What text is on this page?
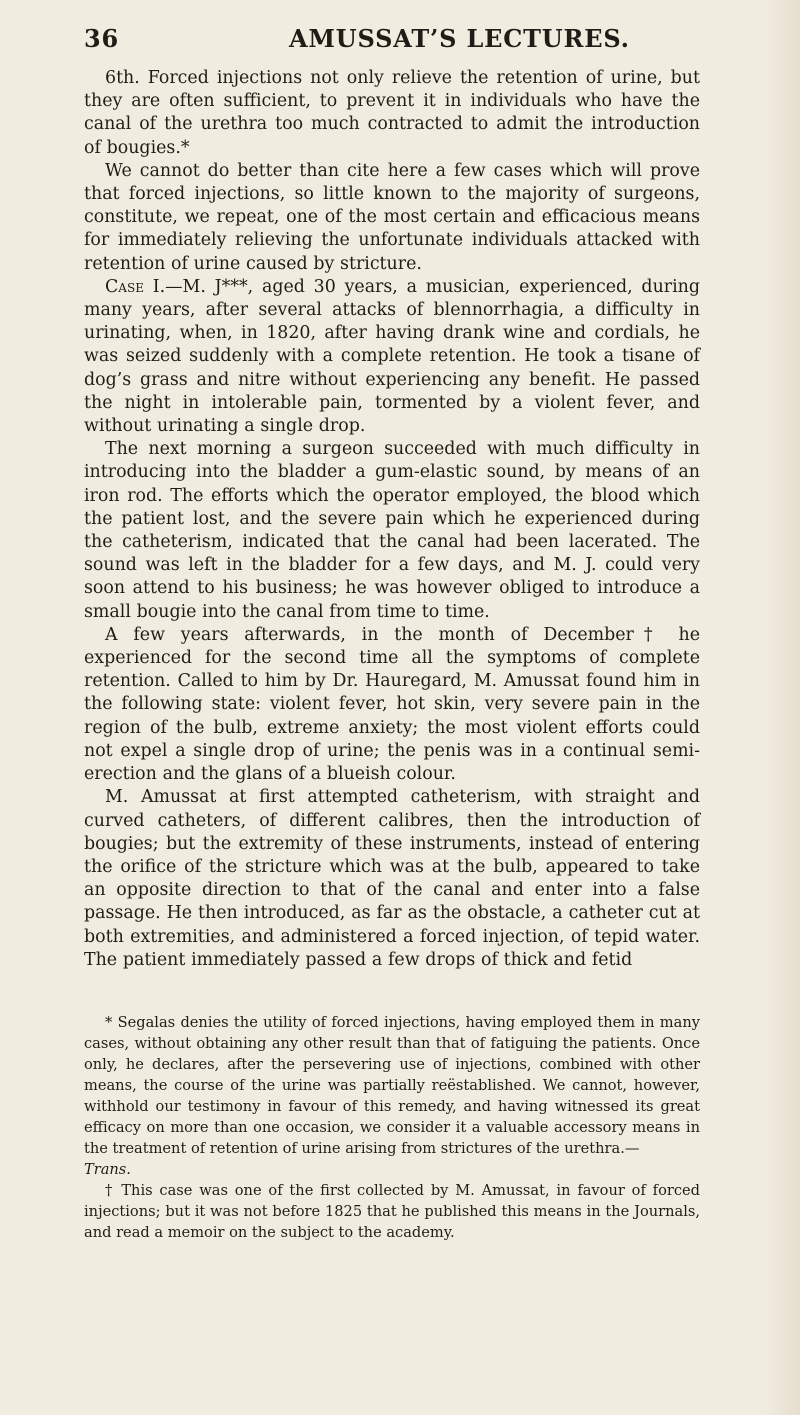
36	AMUSSAT’S LECTURES.

6th. Forced injections not only relieve the retention of urine, but they are often sufficient, to prevent it in individuals who have the canal of the urethra too much contracted to admit the introduction of bougies.*

We cannot do better than cite here a few cases which will prove that forced injections, so little known to the majority of surgeons, constitute, we repeat, one of the most certain and efficacious means for immediately relieving the unfortunate individuals attacked with retention of urine caused by stricture.

Case I.—M. J***, aged 30 years, a musician, experienced, during many years, after several attacks of blennorrhagia, a difficulty in urinating, when, in 1820, after having drank wine and cordials, he was seized suddenly with a complete retention. He took a tisane of dog’s grass and nitre without experiencing any benefit. He passed the night in intolerable pain, tormented by a violent fever, and without urinating a single drop.

The next morning a surgeon succeeded with much difficulty in introducing into the bladder a gum-elastic sound, by means of an iron rod. The efforts which the operator employed, the blood which the patient lost, and the severe pain which he experienced during the catheterism, indicated that the canal had been lacerated. The sound was left in the bladder for a few days, and M. J. could very soon attend to his business; he was however obliged to introduce a small bougie into the canal from time to time.

A few years afterwards, in the month of December† he experienced for the second time all the symptoms of complete retention. Called to him by Dr. Hauregard, M. Amussat found him in the following state: violent fever, hot skin, very severe pain in the region of the bulb, extreme anxiety; the most violent efforts could not expel a single drop of urine; the penis was in a continual semi-erection and the glans of a blueish colour.

M. Amussat at first attempted catheterism, with straight and curved catheters, of different calibres, then the introduction of bougies; but the extremity of these instruments, instead of entering the orifice of the stricture which was at the bulb, appeared to take an opposite direction to that of the canal and enter into a false passage. He then introduced, as far as the obstacle, a catheter cut at both extremities, and administered a forced injection, of tepid water. The patient immediately passed a few drops of thick and fetid

* Segalas denies the utility of forced injections, having employed them in many cases, without obtaining any other result than that of fatiguing the patients. Once only, he declares, after the persevering use of injections, combined with other means, the course of the urine was partially reëstablished. We cannot, however, withhold our testimony in favour of this remedy, and having witnessed its great efficacy on more than one occasion, we consider it a valuable accessory means in the treatment of retention of urine arising from strictures of the urethra.—
Trans.

† This case was one of the first collected by M. Amussat, in favour of forced injections; but it was not before 1825 that he published this means in the Journals, and read a memoir on the subject to the academy.
